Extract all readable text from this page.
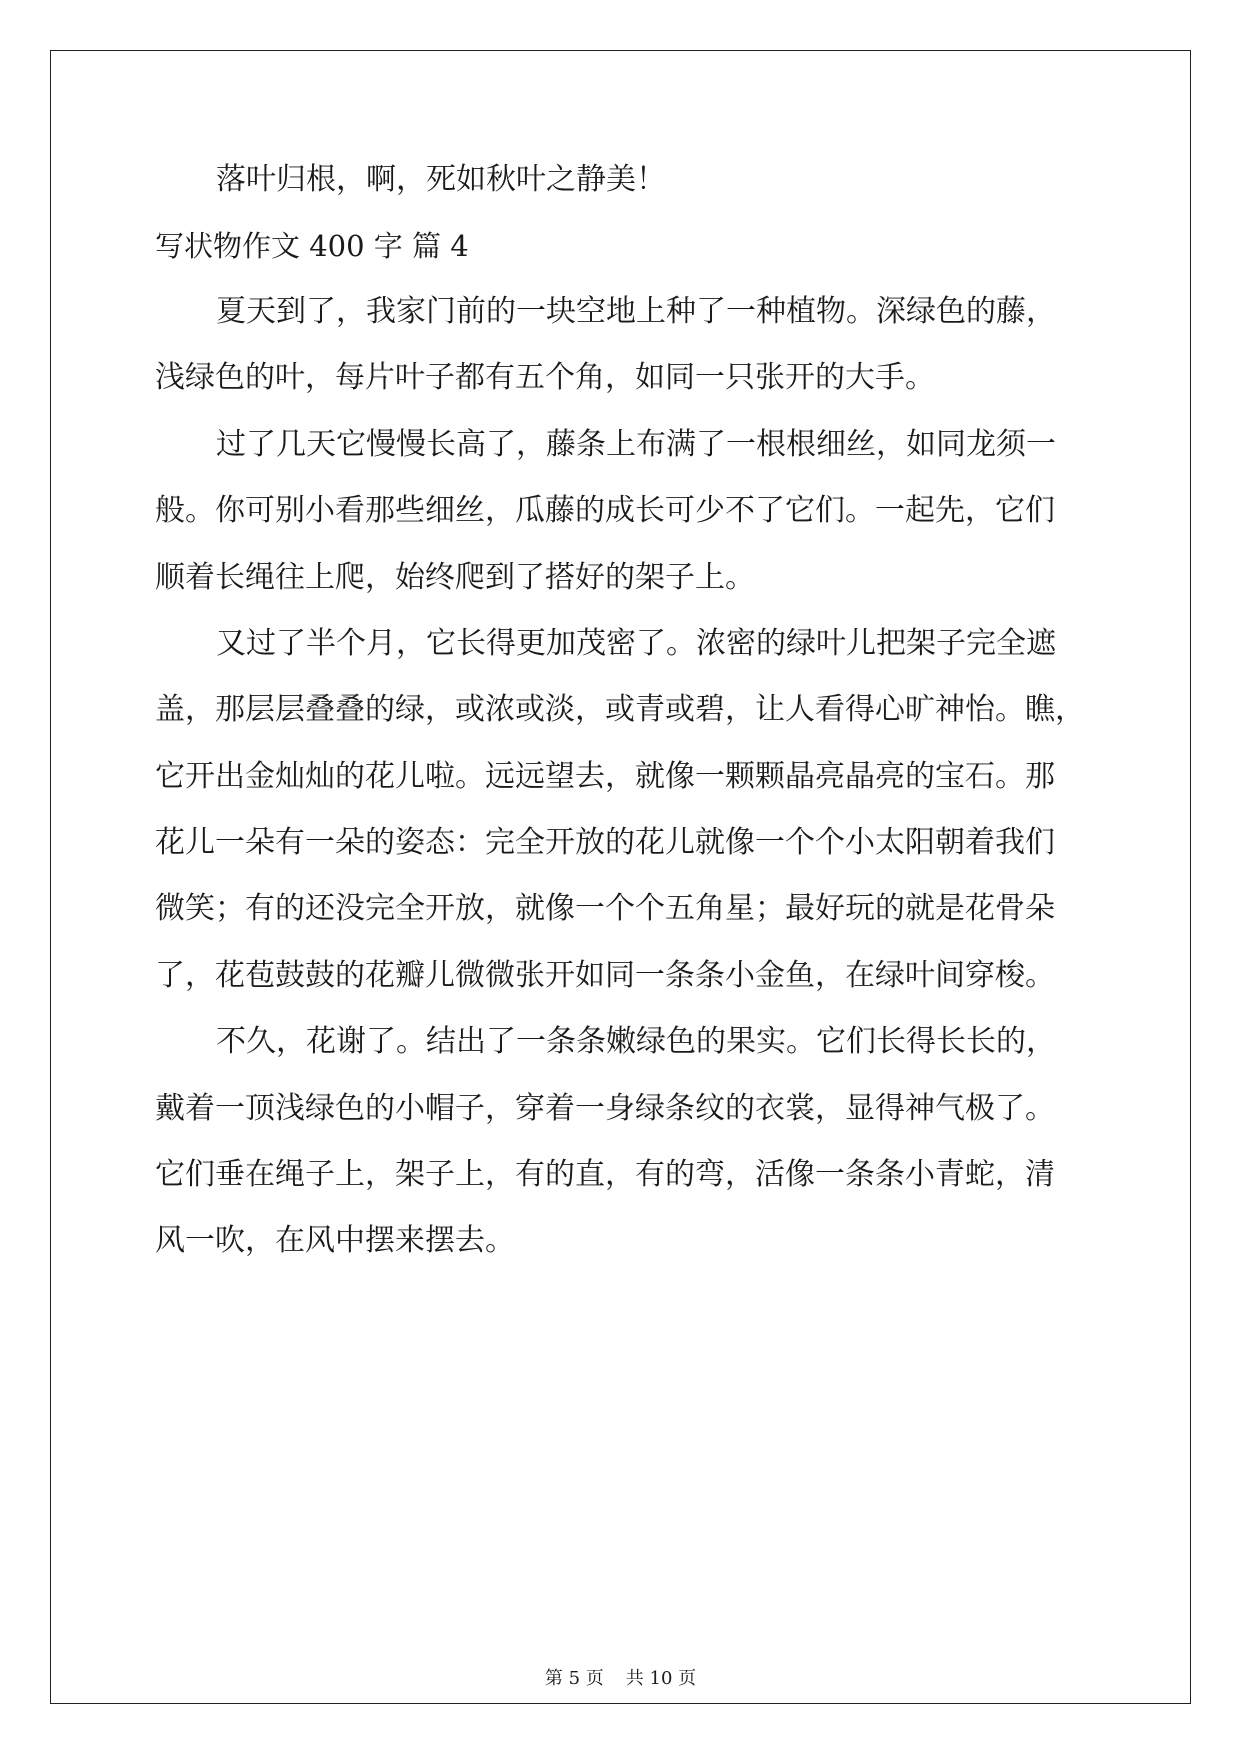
落叶归根，啊，死如秋叶之静美！
写状物作文 400 字 篇 4
夏天到了，我家门前的一块空地上种了一种植物。深绿色的藤，
浅绿色的叶，每片叶子都有五个角，如同一只张开的大手。
过了几天它慢慢长高了，藤条上布满了一根根细丝，如同龙须一
般。你可别小看那些细丝，瓜藤的成长可少不了它们。一起先，它们
顺着长绳往上爬，始终爬到了搭好的架子上。
又过了半个月，它长得更加茂密了。浓密的绿叶儿把架子完全遮
盖，那层层叠叠的绿，或浓或淡，或青或碧，让人看得心旷神怡。瞧，
它开出金灿灿的花儿啦。远远望去，就像一颗颗晶亮晶亮的宝石。那
花儿一朵有一朵的姿态：完全开放的花儿就像一个个小太阳朝着我们
微笑；有的还没完全开放，就像一个个五角星；最好玩的就是花骨朵
了，花苞鼓鼓的花瓣儿微微张开如同一条条小金鱼，在绿叶间穿梭。
不久，花谢了。结出了一条条嫩绿色的果实。它们长得长长的，
戴着一顶浅绿色的小帽子，穿着一身绿条纹的衣裳，显得神气极了。
它们垂在绳子上，架子上，有的直，有的弯，活像一条条小青蛇，清
风一吹，在风中摆来摆去。
第 5 页 共 10 页
